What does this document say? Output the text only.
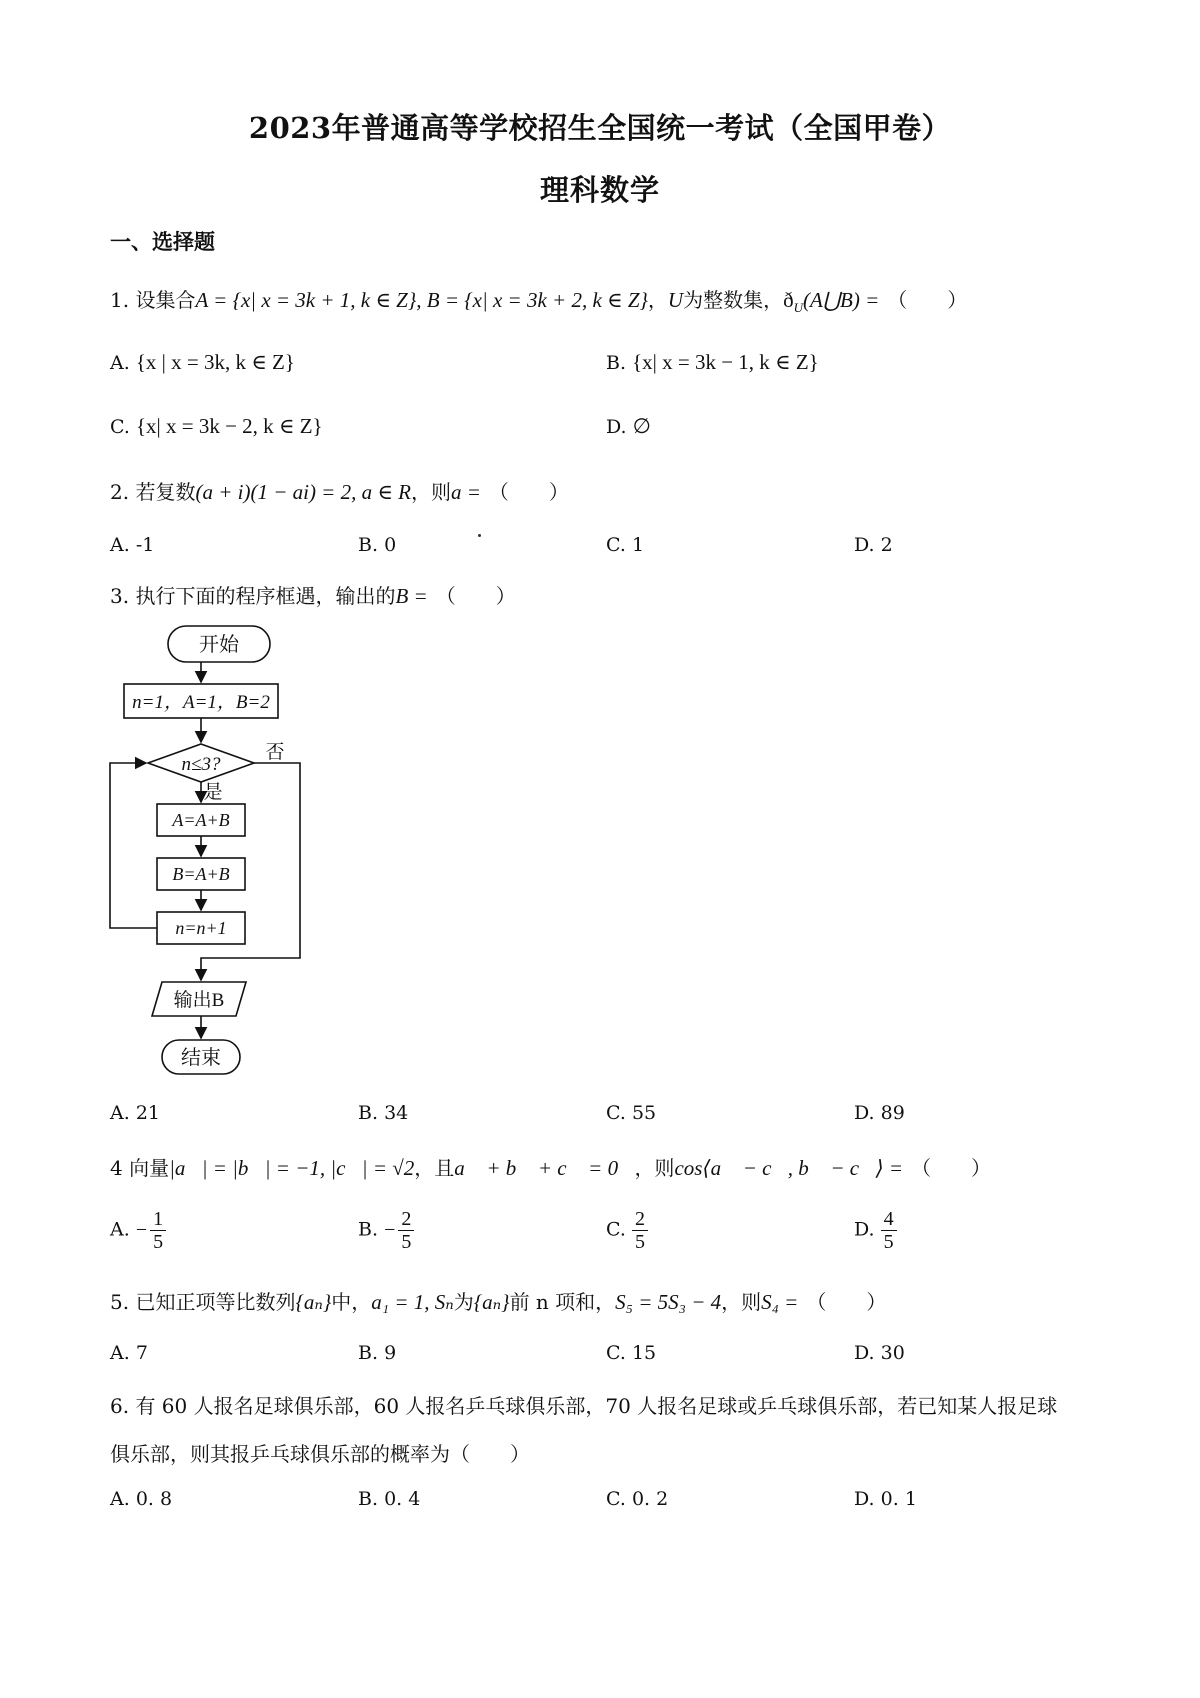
2023年普通高等学校招生全国统一考试（全国甲卷）
理科数学
一、选择题
1. 设集合A = {x| x = 3k + 1, k ∈ Z}, B = {x| x = 3k + 2, k ∈ Z}，U为整数集，$ð_U(A⋃B)$ = （　　）
A. {x | x = 3k, k ∈ Z}	B. {x| x = 3k − 1, k ∈ Z}
C. {x| x = 3k − 2, k ∈ Z}	D. ∅
2. 若复数(a + i)(1 − ai) = 2, a ∈ R，则a = （　　）
A. -1	B. 0	C. 1	D. 2
3. 执行下面的程序框遇，输出的B = （　　）
开始
n=1，A=1，B=2
n≤3?
是
否
A=A+B
B=A+B
n=n+1
输出B
结束
A. 21	B. 34	C. 55	D. 89
4 向量|a⃗| = |b⃗| = −1, |c⃗| = √2，且a⃗ + b⃗ + c⃗ = 0⃗，则cos⟨a⃗ − c⃗, b⃗ − c⃗⟩ = （　　）
A. − $\frac{1}{5}$	B. − $\frac{2}{5}$	C. $\frac{2}{5}$	D. $\frac{4}{5}$
5. 已知正项等比数列{aₙ}中，a₁ = 1, Sₙ为{aₙ}前 n 项和，S₅ = 5S₃ − 4，则S₄ = （　　）
A. 7	B. 9	C. 15	D. 30
6. 有 60 人报名足球俱乐部，60 人报名乒乓球俱乐部，70 人报名足球或乒乓球俱乐部，若已知某人报足球
俱乐部，则其报乒乓球俱乐部的概率为（　　）
A. 0. 8	B. 0. 4	C. 0. 2	D. 0. 1
